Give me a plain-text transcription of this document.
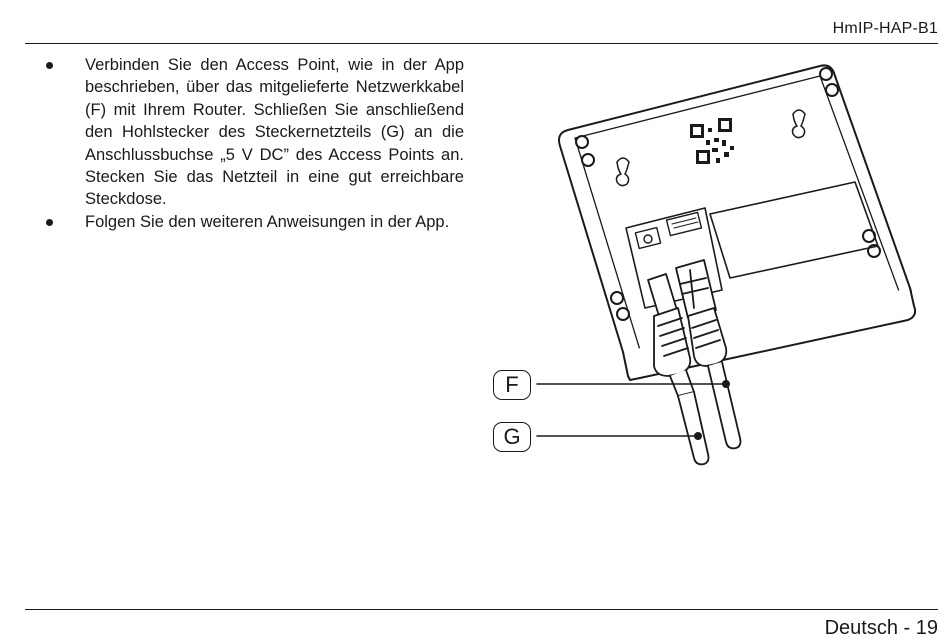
HmIP-HAP-B1
Verbinden Sie den Access Point, wie in der App beschrieben, über das mitgelieferte Netzwerkkabel (F) mit Ihrem Router. Schließen Sie anschließend den Hohlstecker des Steckernetzteils (G) an die Anschlussbuchse „5 V DC” des Access Points an. Stecken Sie das Netzteil in eine gut erreichbare Steckdose.
Folgen Sie den weiteren Anweisungen in der App.
F
G
Deutsch - 19
